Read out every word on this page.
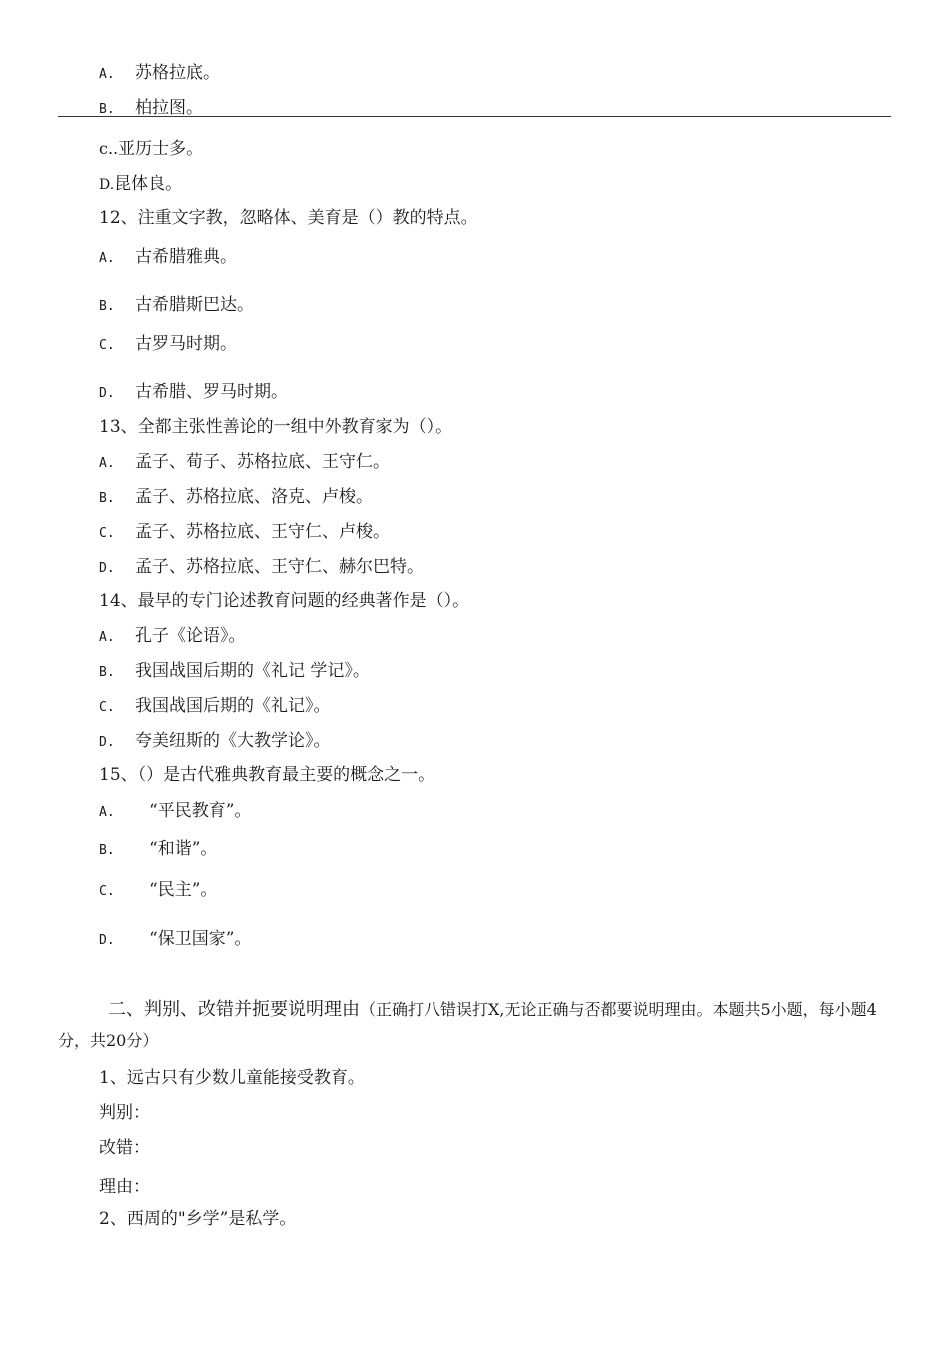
A. 苏格拉底。
B. 柏拉图。
c..亚历士多。
D.昆体良。
12、注重文字教，忽略体、美育是（）教的特点。
A. 古希腊雅典。
B. 古希腊斯巴达。
C. 古罗马时期。
D. 古希腊、罗马时期。
13、全都主张性善论的一组中外教育家为（）。
A. 孟子、荀子、苏格拉底、王守仁。
B. 孟子、苏格拉底、洛克、卢梭。
C. 孟子、苏格拉底、王守仁、卢梭。
D. 孟子、苏格拉底、王守仁、赫尔巴特。
14、最早的专门论述教育问题的经典著作是（）。
A. 孔子《论语》。
B. 我国战国后期的《礼记 学记》。
C. 我国战国后期的《礼记》。
D. 夸美纽斯的《大教学论》。
15、（）是古代雅典教育最主要的概念之一。
A. “平民教育”。
B. “和谐”。
C. “民主”。
D. “保卫国家”。
二、判别、改错并扼要说明理由（正确打八错误打X,无论正确与否都要说明理由。本题共5小题，每小题4分，共20分）
1、远古只有少数儿童能接受教育。
判别：
改错：
理由：
2、西周的"乡学”是私学。
